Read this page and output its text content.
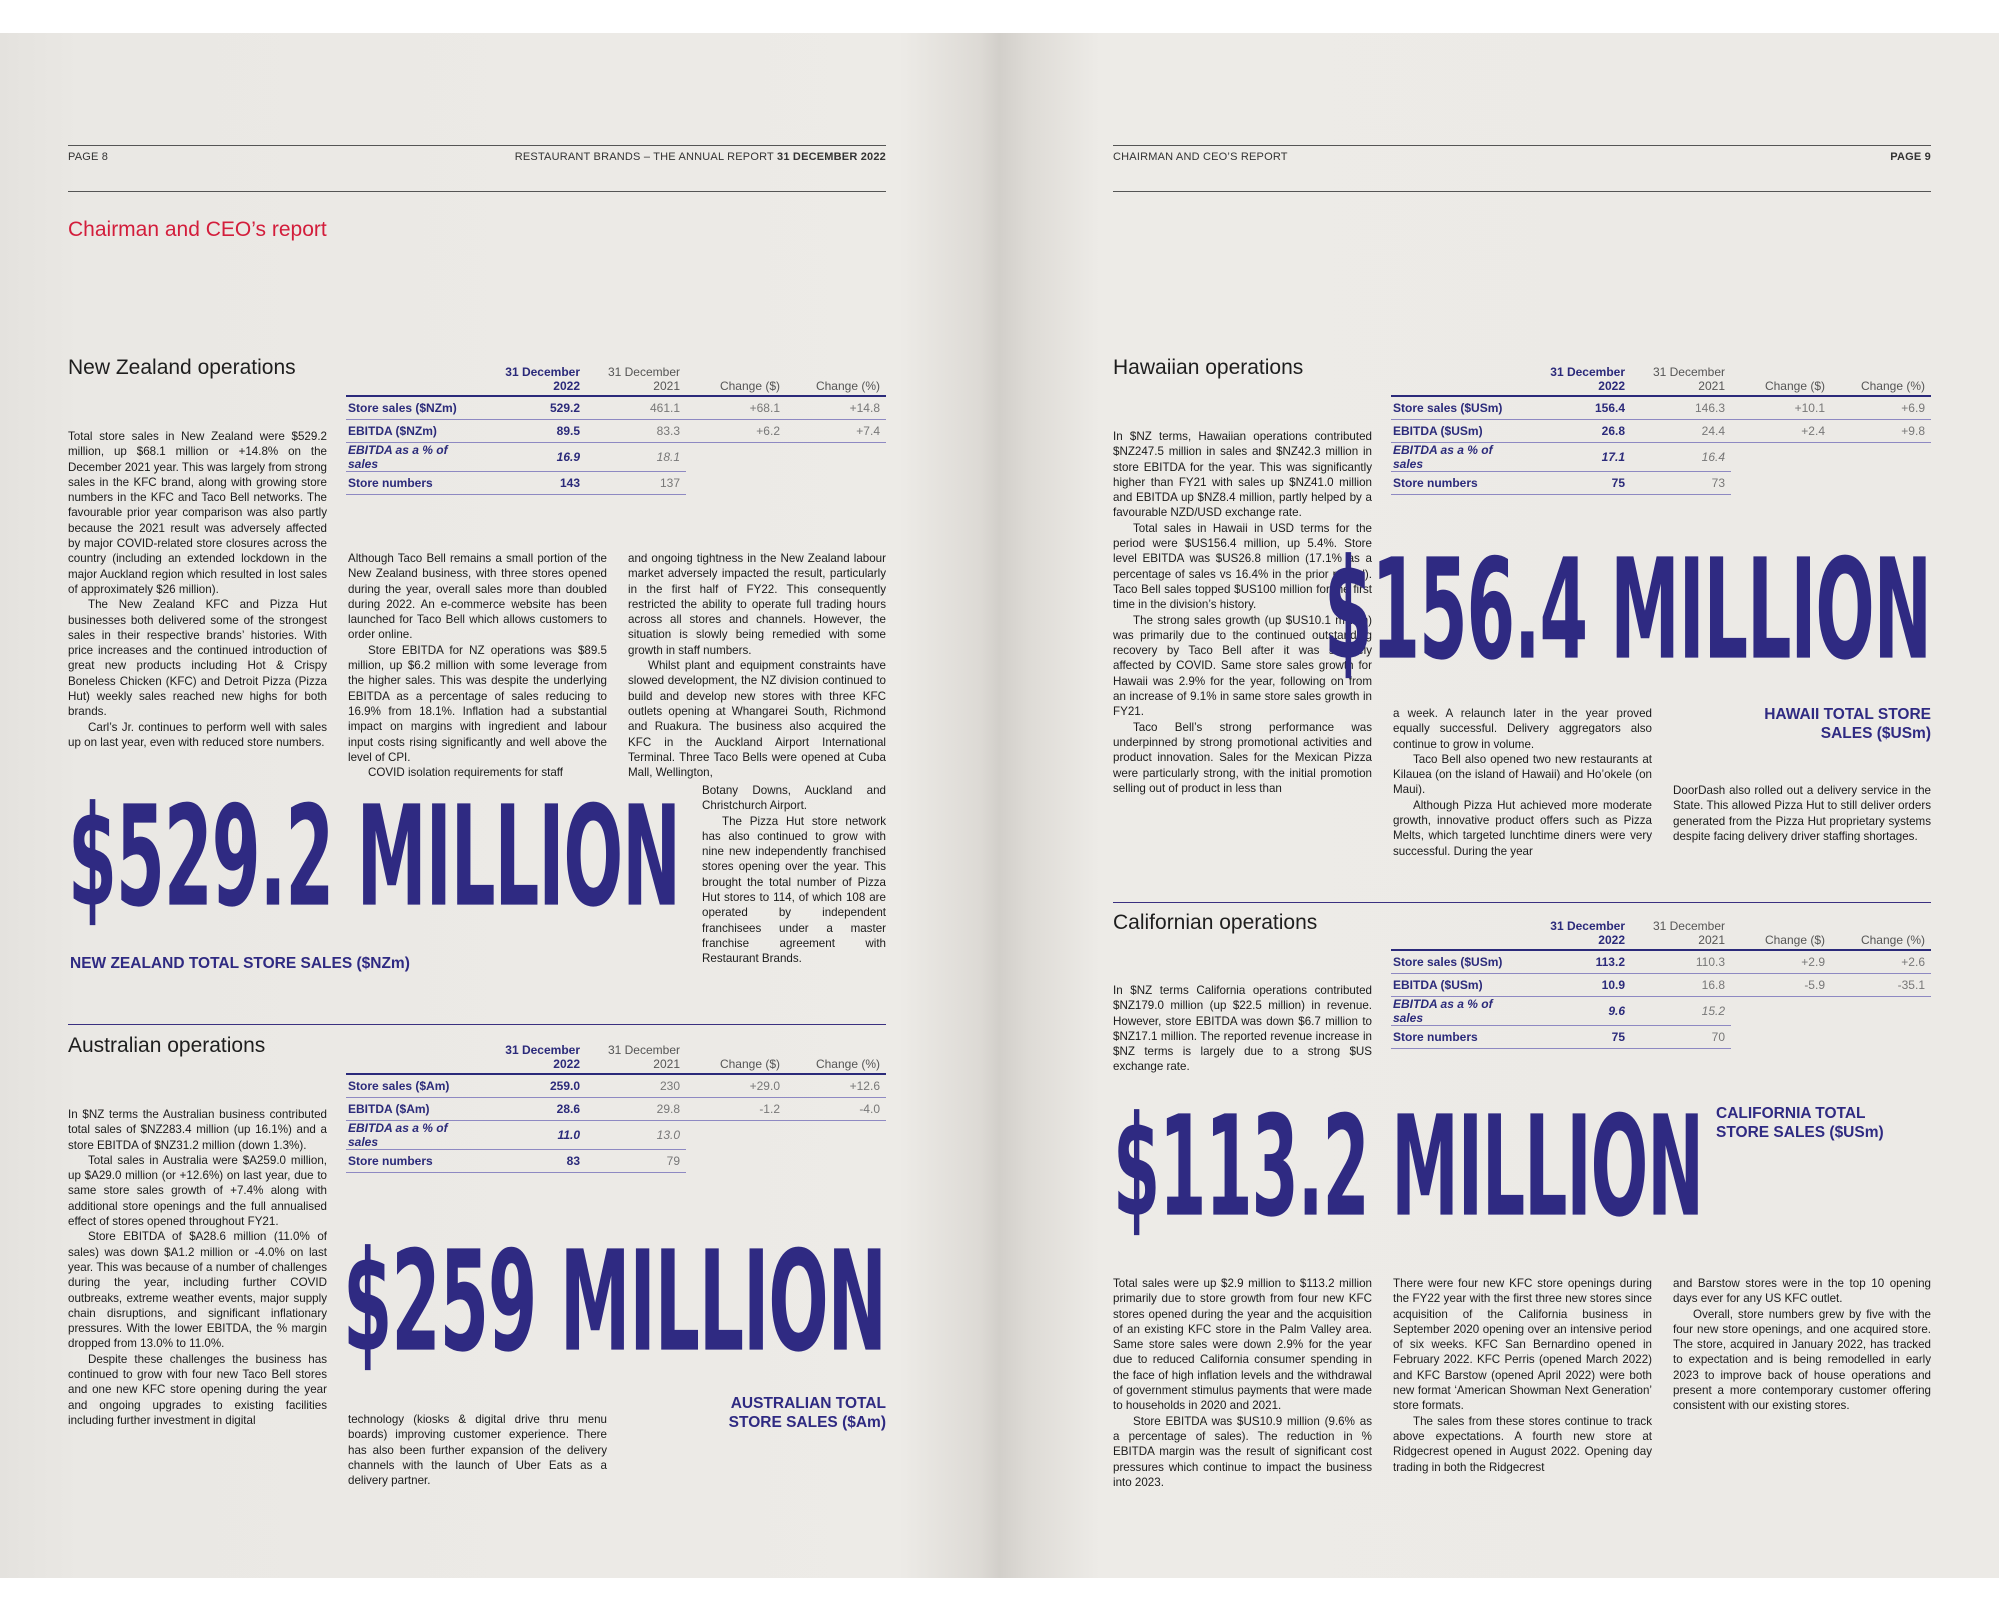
PAGE 8	RESTAURANT BRANDS – THE ANNUAL REPORT 31 DECEMBER 2022
Chairman and CEO’s report
New Zealand operations
		31 December 2022	31 December 2021	Change ($)	Change (%)
Store sales ($NZm)	529.2	461.1	+68.1	+14.8
EBITDA ($NZm)	89.5	83.3	+6.2	+7.4
EBITDA as a % of sales	16.9	18.1		
Store numbers	143	137		

Total store sales in New Zealand were $529.2 million, up $68.1 million or +14.8% on the December 2021 year. This was largely from strong sales in the KFC brand, along with growing store numbers in the KFC and Taco Bell networks. The favourable prior year comparison was also partly because the 2021 result was adversely affected by major COVID-related store closures across the country (including an extended lockdown in the major Auckland region which resulted in lost sales of approximately $26 million).

The New Zealand KFC and Pizza Hut businesses both delivered some of the strongest sales in their respective brands’ histories. With price increases and the continued introduction of great new products including Hot & Crispy Boneless Chicken (KFC) and Detroit Pizza (Pizza Hut) weekly sales reached new highs for both brands.

Carl’s Jr. continues to perform well with sales up on last year, even with reduced store numbers.

Although Taco Bell remains a small portion of the New Zealand business, with three stores opened during the year, overall sales more than doubled during 2022. An e-commerce website has been launched for Taco Bell which allows customers to order online.

Store EBITDA for NZ operations was $89.5 million, up $6.2 million with some leverage from the higher sales. This was despite the underlying EBITDA as a percentage of sales reducing to 16.9% from 18.1%. Inflation had a substantial impact on margins with ingredient and labour input costs rising significantly and well above the level of CPI.

COVID isolation requirements for staff

and ongoing tightness in the New Zealand labour market adversely impacted the result, particularly in the first half of FY22. This consequently restricted the ability to operate full trading hours across all stores and channels. However, the situation is slowly being remedied with some growth in staff numbers.

Whilst plant and equipment constraints have slowed development, the NZ division continued to build and develop new stores with three KFC outlets opening at Whangarei South, Richmond and Ruakura. The business also acquired the KFC in the Auckland Airport International Terminal. Three Taco Bells were opened at Cuba Mall, Wellington,

Botany Downs, Auckland and Christchurch Airport.

The Pizza Hut store network has also continued to grow with nine new independently franchised stores opening over the year. This brought the total number of Pizza Hut stores to 114, of which 108 are operated by independent franchisees under a master franchise agreement with Restaurant Brands.

$529.2 MILLION
NEW ZEALAND TOTAL STORE SALES ($NZm)
Australian operations
		31 December 2022	31 December 2021	Change ($)	Change (%)
Store sales ($Am)	259.0	230	+29.0	+12.6
EBITDA ($Am)	28.6	29.8	-1.2	-4.0
EBITDA as a % of sales	11.0	13.0		
Store numbers	83	79		

In $NZ terms the Australian business contributed total sales of $NZ283.4 million (up 16.1%) and a store EBITDA of $NZ31.2 million (down 1.3%).

Total sales in Australia were $A259.0 million, up $A29.0 million (or +12.6%) on last year, due to same store sales growth of +7.4% along with additional store openings and the full annualised effect of stores opened throughout FY21.

Store EBITDA of $A28.6 million (11.0% of sales) was down $A1.2 million or -4.0% on last year. This was because of a number of challenges during the year, including further COVID outbreaks, extreme weather events, major supply chain disruptions, and significant inflationary pressures. With the lower EBITDA, the % margin dropped from 13.0% to 11.0%.

Despite these challenges the business has continued to grow with four new Taco Bell stores and one new KFC store opening during the year and ongoing upgrades to existing facilities including further investment in digital

$259 MILLION
AUSTRALIAN TOTAL STORE SALES ($Am)

technology (kiosks & digital drive thru menu boards) improving customer experience. There has also been further expansion of the delivery channels with the launch of Uber Eats as a delivery partner.

CHAIRMAN AND CEO’S REPORT	PAGE 9
Hawaiian operations
		31 December 2022	31 December 2021	Change ($)	Change (%)
Store sales ($USm)	156.4	146.3	+10.1	+6.9
EBITDA ($USm)	26.8	24.4	+2.4	+9.8
EBITDA as a % of sales	17.1	16.4		
Store numbers	75	73		

In $NZ terms, Hawaiian operations contributed $NZ247.5 million in sales and $NZ42.3 million in store EBITDA for the year. This was significantly higher than FY21 with sales up $NZ41.0 million and EBITDA up $NZ8.4 million, partly helped by a favourable NZD/USD exchange rate.

Total sales in Hawaii in USD terms for the period were $US156.4 million, up 5.4%. Store level EBITDA was $US26.8 million (17.1% as a percentage of sales vs 16.4% in the prior period). Taco Bell sales topped $US100 million for the first time in the division’s history.

The strong sales growth (up $US10.1 million) was primarily due to the continued outstanding recovery by Taco Bell after it was severely affected by COVID. Same store sales growth for Hawaii was 2.9% for the year, following on from an increase of 9.1% in same store sales growth in FY21.

Taco Bell’s strong performance was underpinned by strong promotional activities and product innovation. Sales for the Mexican Pizza were particularly strong, with the initial promotion selling out of product in less than

$156.4 MILLION
HAWAII TOTAL STORE SALES ($USm)

a week. A relaunch later in the year proved equally successful. Delivery aggregators also continue to grow in volume.

Taco Bell also opened two new restaurants at Kilauea (on the island of Hawaii) and Ho’okele (on Maui).

Although Pizza Hut achieved more moderate growth, innovative product offers such as Pizza Melts, which targeted lunchtime diners were very successful. During the year

DoorDash also rolled out a delivery service in the State. This allowed Pizza Hut to still deliver orders generated from the Pizza Hut proprietary systems despite facing delivery driver staffing shortages.

Californian operations
		31 December 2022	31 December 2021	Change ($)	Change (%)
Store sales ($USm)	113.2	110.3	+2.9	+2.6
EBITDA ($USm)	10.9	16.8	-5.9	-35.1
EBITDA as a % of sales	9.6	15.2		
Store numbers	75	70		

In $NZ terms California operations contributed $NZ179.0 million (up $22.5 million) in revenue. However, store EBITDA was down $6.7 million to $NZ17.1 million. The reported revenue increase in $NZ terms is largely due to a strong $US exchange rate.

$113.2 MILLION CALIFORNIA TOTAL STORE SALES ($USm)

Total sales were up $2.9 million to $113.2 million primarily due to store growth from four new KFC stores opened during the year and the acquisition of an existing KFC store in the Palm Valley area. Same store sales were down 2.9% for the year due to reduced California consumer spending in the face of high inflation levels and the withdrawal of government stimulus payments that were made to households in 2020 and 2021.

Store EBITDA was $US10.9 million (9.6% as a percentage of sales). The reduction in % EBITDA margin was the result of significant cost pressures which continue to impact the business into 2023.

There were four new KFC store openings during the FY22 year with the first three new stores since acquisition of the California business in September 2020 opening over an intensive period of six weeks. KFC San Bernardino opened in February 2022. KFC Perris (opened March 2022) and KFC Barstow (opened April 2022) were both new format ‘American Showman Next Generation’ store formats.

The sales from these stores continue to track above expectations. A fourth new store at Ridgecrest opened in August 2022. Opening day trading in both the Ridgecrest

and Barstow stores were in the top 10 opening days ever for any US KFC outlet.

Overall, store numbers grew by five with the four new store openings, and one acquired store. The store, acquired in January 2022, has tracked to expectation and is being remodelled in early 2023 to improve back of house operations and present a more contemporary customer offering consistent with our existing stores.
